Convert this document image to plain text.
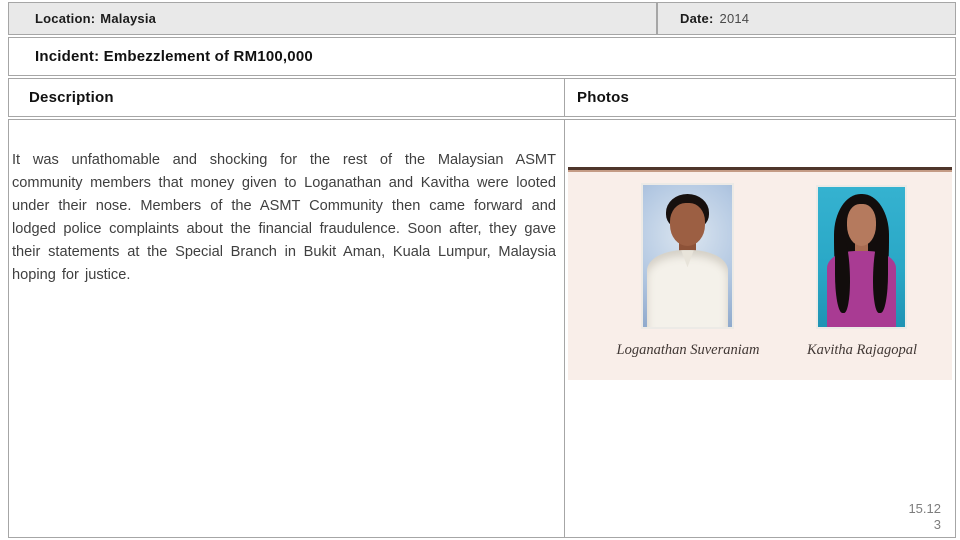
Location: Malaysia	Date: 2014
Incident: Embezzlement of RM100,000
Description	Photos

It was unfathomable and shocking for the rest of the Malaysian ASMT community members that money given to Loganathan and Kavitha were looted under their nose. Members of the ASMT Community then came forward and lodged police complaints about the financial fraudulence. Soon after, they gave their statements at the Special Branch in Bukit Aman, Kuala Lumpur, Malaysia hoping for justice.

Loganathan Suveraniam	Kavitha Rajagopal
15.12
3
